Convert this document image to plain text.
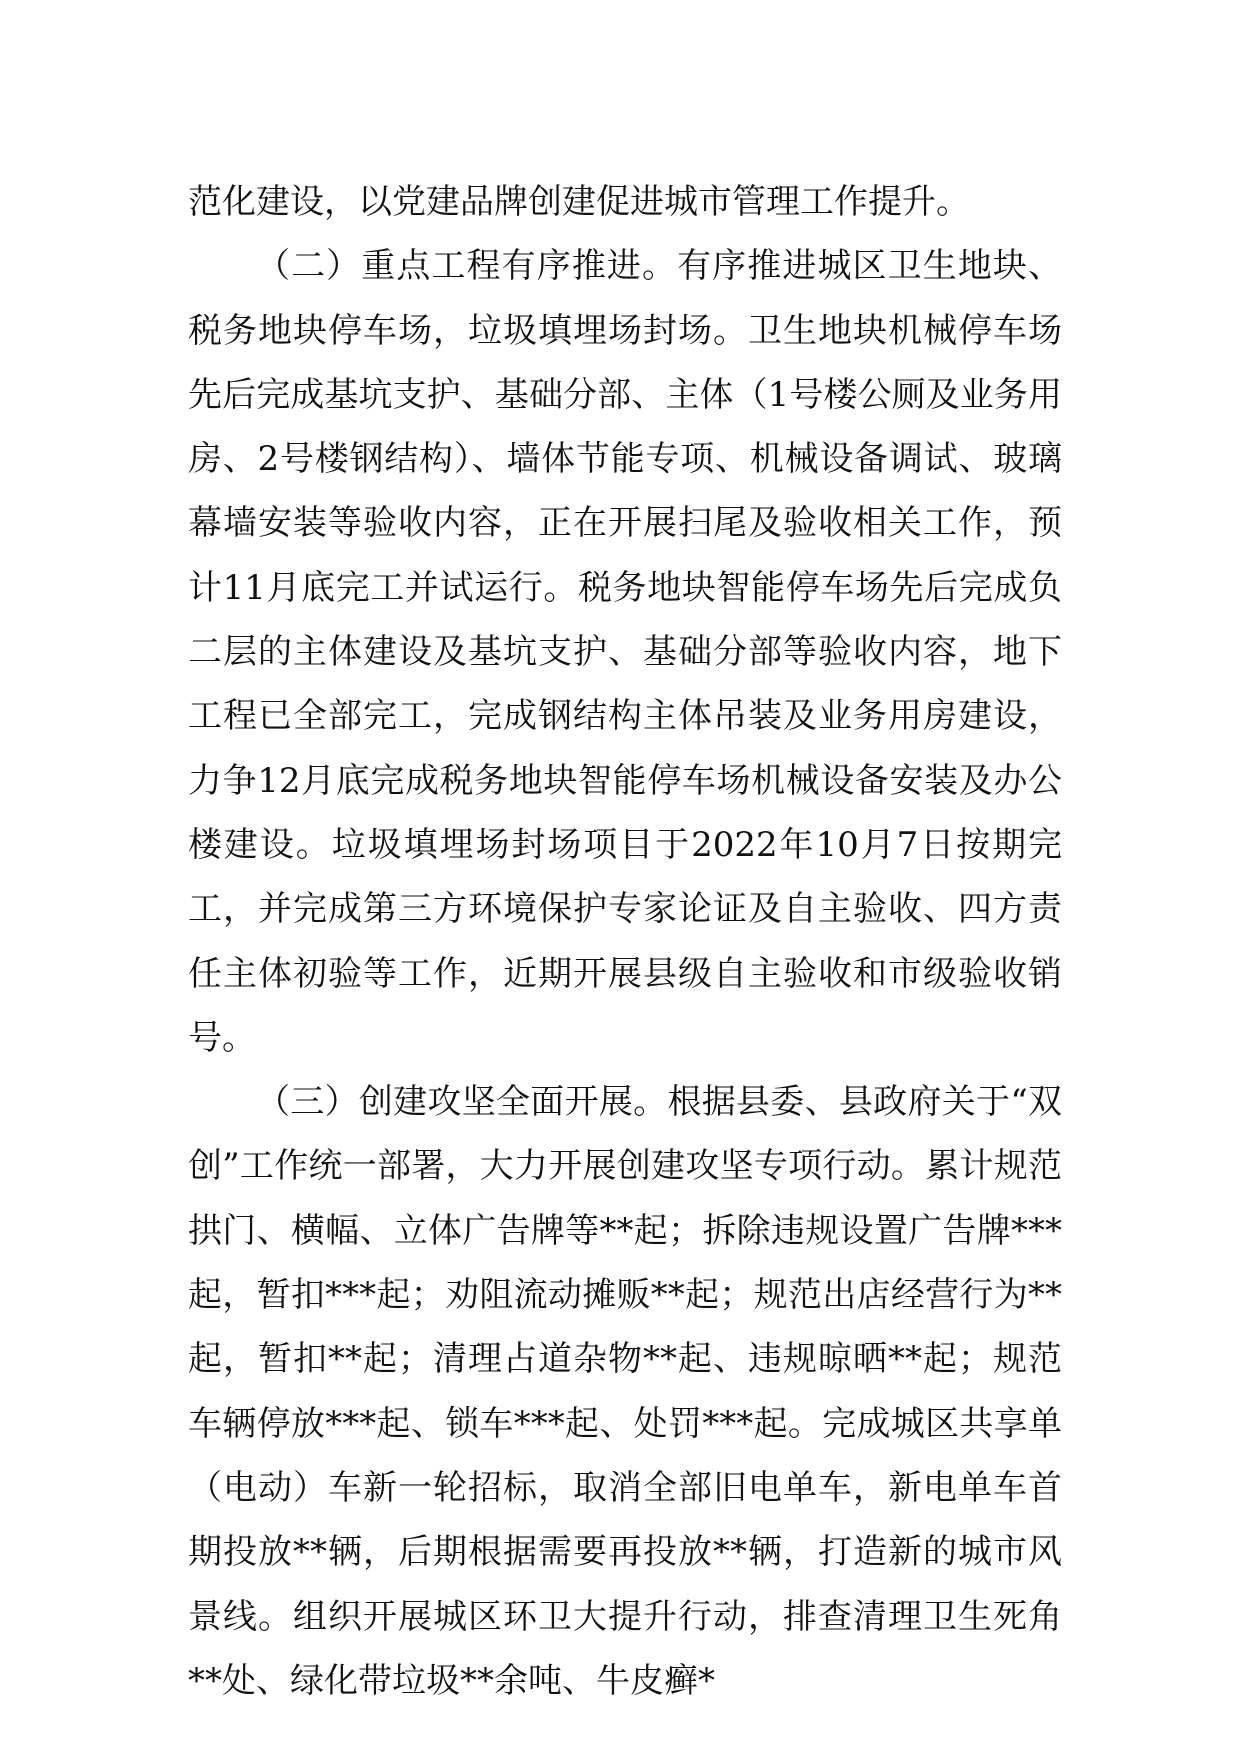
范化建设，以党建品牌创建促进城市管理工作提升。

（二）重点工程有序推进。有序推进城区卫生地块、税务地块停车场，垃圾填埋场封场。卫生地块机械停车场先后完成基坑支护、基础分部、主体（1号楼公厕及业务用房、2号楼钢结构）、墙体节能专项、机械设备调试、玻璃幕墙安装等验收内容，正在开展扫尾及验收相关工作，预计11月底完工并试运行。税务地块智能停车场先后完成负二层的主体建设及基坑支护、基础分部等验收内容，地下工程已全部完工，完成钢结构主体吊装及业务用房建设，力争12月底完成税务地块智能停车场机械设备安装及办公楼建设。垃圾填埋场封场项目于2022年10月7日按期完工，并完成第三方环境保护专家论证及自主验收、四方责任主体初验等工作，近期开展县级自主验收和市级验收销号。

（三）创建攻坚全面开展。根据县委、县政府关于“双创”工作统一部署，大力开展创建攻坚专项行动。累计规范拱门、横幅、立体广告牌等**起；拆除违规设置广告牌***起，暂扣***起；劝阻流动摊贩**起；规范出店经营行为**起，暂扣**起；清理占道杂物**起、违规晾晒**起；规范车辆停放***起、锁车***起、处罚***起。完成城区共享单（电动）车新一轮招标，取消全部旧电单车，新电单车首期投放**辆，后期根据需要再投放**辆，打造新的城市风景线。组织开展城区环卫大提升行动，排查清理卫生死角**处、绿化带垃圾**余吨、牛皮癣*
